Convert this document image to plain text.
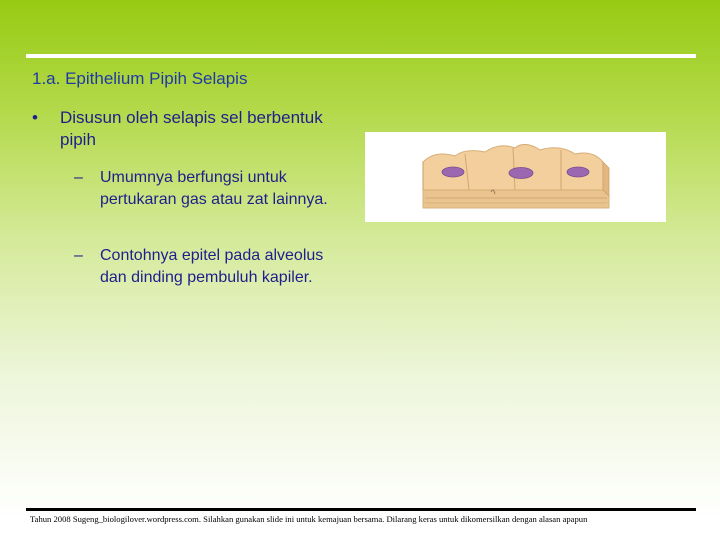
1.a. Epithelium Pipih Selapis
• Disusun oleh selapis sel berbentuk pipih
– Umumnya berfungsi untuk pertukaran gas atau zat lainnya.
– Contohnya epitel pada alveolus dan dinding pembuluh kapiler.
Tahun 2008 Sugeng_biologilover.wordpress.com. Silahkan gunakan slide ini untuk kemajuan bersama. Dilarang keras untuk dikomersilkan dengan alasan apapun
